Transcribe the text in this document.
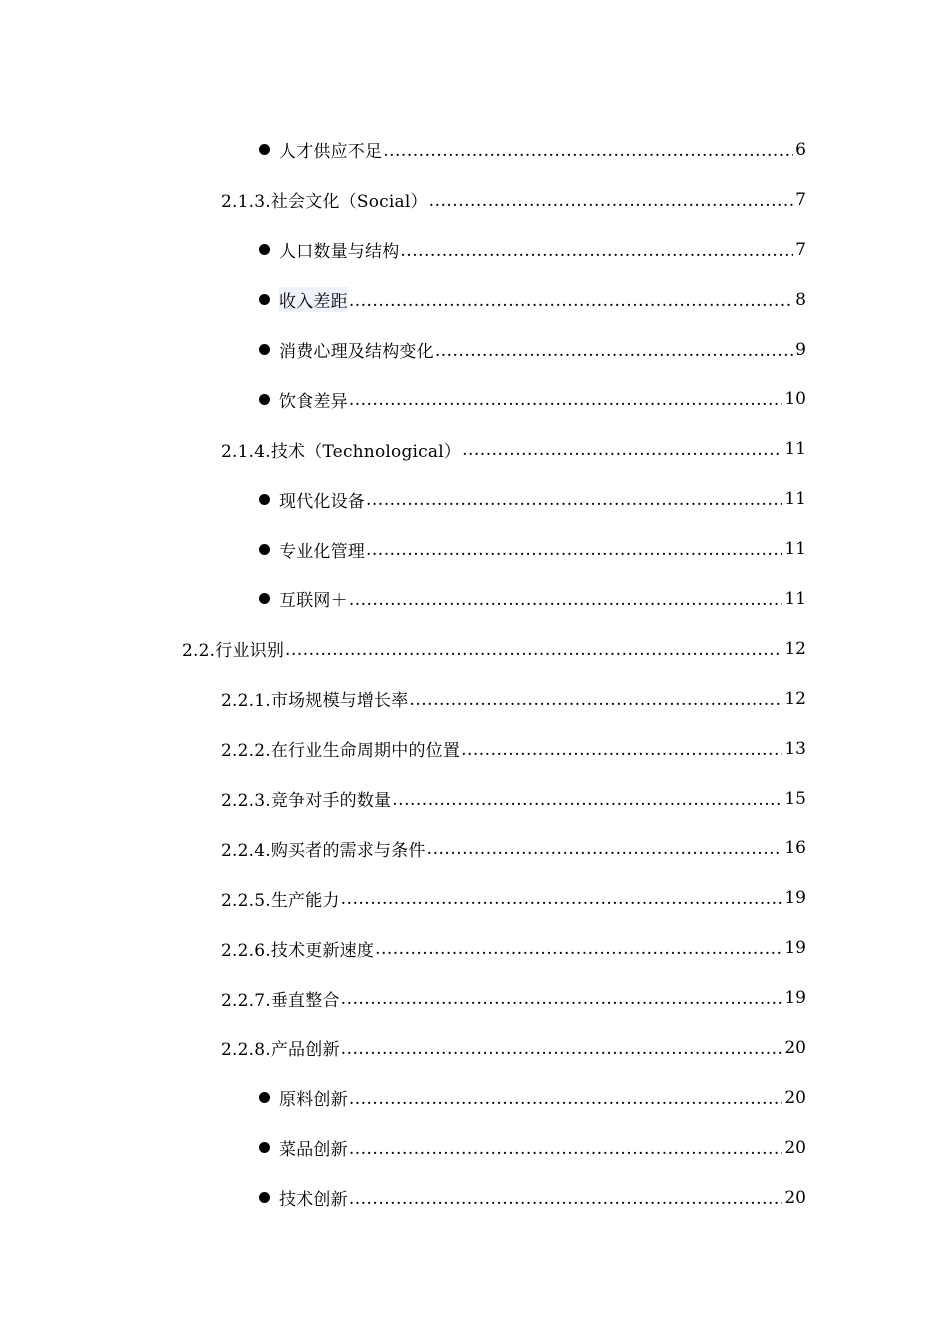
人才供应不足 .....	6
2.1.3.社会文化（Social） .....	7
人口数量与结构 .....	7
收入差距 .....	8
消费心理及结构变化 .....	9
饮食差异 .....	10
2.1.4.技术（Technological） .....	11
现代化设备 .....	11
专业化管理 .....	11
互联网＋ .....	11
2.2.行业识别 .....	12
2.2.1.市场规模与增长率 .....	12
2.2.2.在行业生命周期中的位置 .....	13
2.2.3.竞争对手的数量 .....	15
2.2.4.购买者的需求与条件 .....	16
2.2.5.生产能力 .....	19
2.2.6.技术更新速度 .....	19
2.2.7.垂直整合 .....	19
2.2.8.产品创新 .....	20
原料创新 .....	20
菜品创新 .....	20
技术创新 .....	20
